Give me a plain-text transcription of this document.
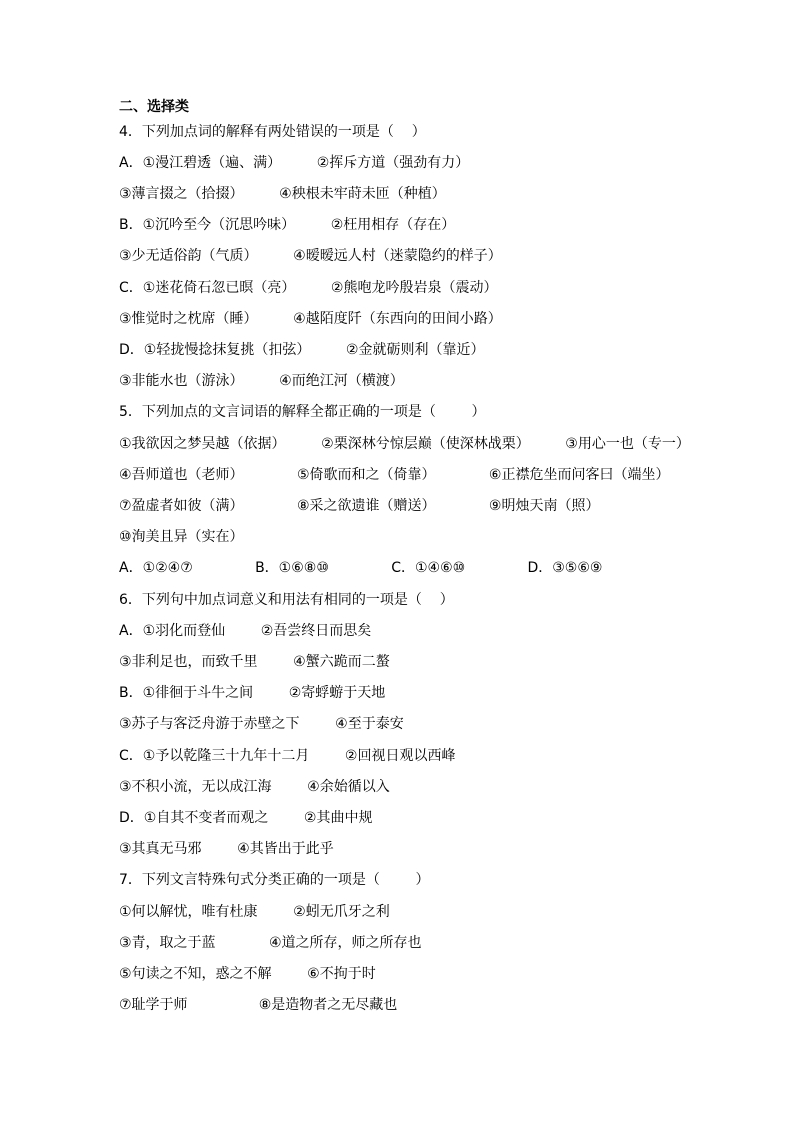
二、选择类
4．下列加点词的解释有两处错误的一项是（    ）
A．①漫江碧透（遍、满）        ②挥斥方道（强劲有力）
③薄言掇之（拾掇）        ④秧根未牢莳未匝（种植）
B．①沉吟至今（沉思吟味）        ②枉用相存（存在）
③少无适俗韵（气质）        ④暧暧远人村（迷蒙隐约的样子）
C．①迷花倚石忽已暝（亮）        ②熊咆龙吟殷岩泉（震动）
③惟觉时之枕席（睡）        ④越陌度阡（东西向的田间小路）
D．①轻拢慢捻抹复挑（扣弦）        ②金就砺则利（靠近）
③非能水也（游泳）        ④而绝江河（横渡）
5．下列加点的文言词语的解释全都正确的一项是（        ）
①我欲因之梦吴越（依据）        ②栗深林兮惊层巅（使深林战栗）        ③用心一也（专一）
④吾师道也（老师）            ⑤倚歌而和之（倚靠）            ⑥正襟危坐而问客曰（端坐）
⑦盈虚者如彼（满）            ⑧采之欲遗谁（赠送）            ⑨明烛天南（照）
⑩洵美且异（实在）
A．①②④⑦              B．①⑥⑧⑩              C．①④⑥⑩              D．③⑤⑥⑨
6．下列句中加点词意义和用法有相同的一项是（    ）
A．①羽化而登仙        ②吾尝终日而思矣
③非利足也，而致千里        ④蟹六跪而二螯
B．①徘徊于斗牛之间        ②寄蜉蝣于天地
③苏子与客泛舟游于赤壁之下        ④至于泰安
C．①予以乾隆三十九年十二月        ②回视日观以西峰
③不积小流，无以成江海        ④余始循以入
D．①自其不变者而观之        ②其曲中规
③其真无马邪        ④其皆出于此乎
7．下列文言特殊句式分类正确的一项是（        ）
①何以解忧，唯有杜康        ②蚓无爪牙之利
③青，取之于蓝            ④道之所存，师之所存也
⑤句读之不知，惑之不解        ⑥不拘于时
⑦耻学于师                ⑧是造物者之无尽藏也
